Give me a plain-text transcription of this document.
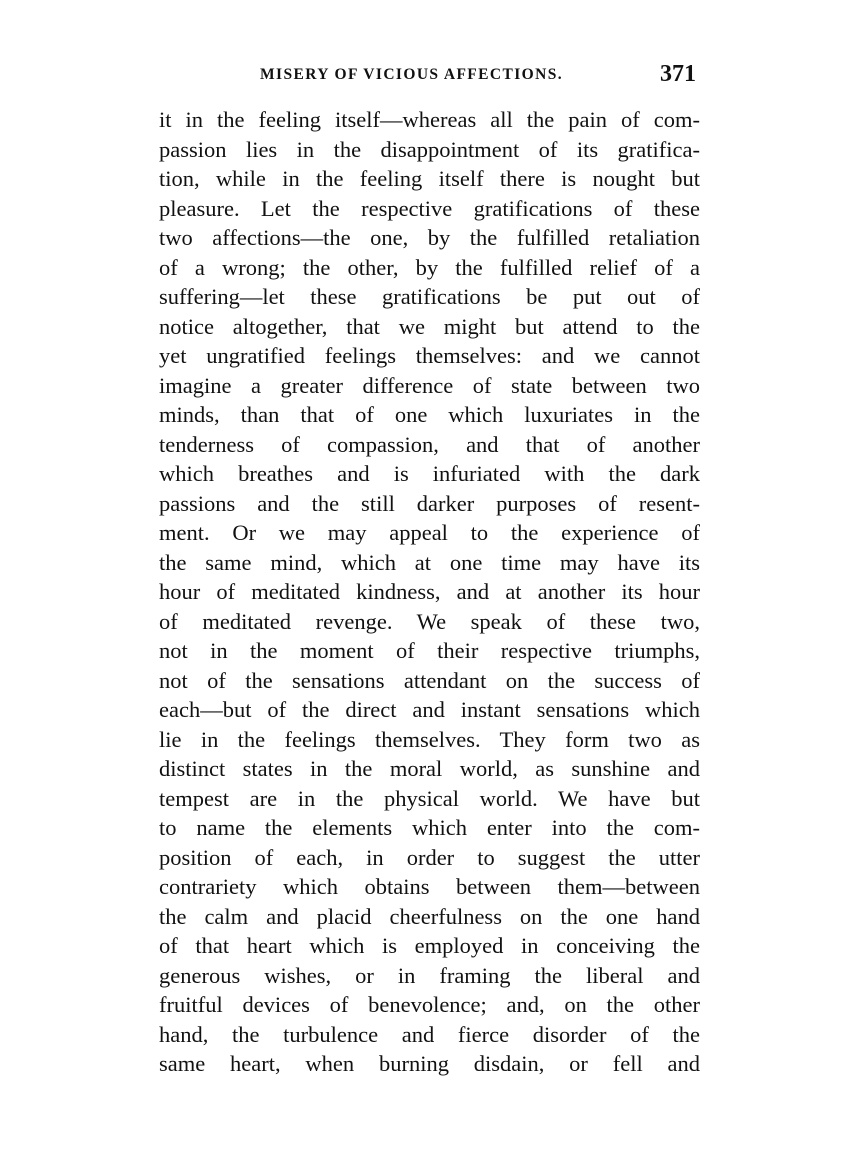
MISERY OF VICIOUS AFFECTIONS.	371
it in the feeling itself—whereas all the pain of com-
passion lies in the disappointment of its gratifica-
tion, while in the feeling itself there is nought but
pleasure. Let the respective gratifications of these
two affections—the one, by the fulfilled retaliation
of a wrong; the other, by the fulfilled relief of a
suffering—let these gratifications be put out of
notice altogether, that we might but attend to the
yet ungratified feelings themselves: and we cannot
imagine a greater difference of state between two
minds, than that of one which luxuriates in the
tenderness of compassion, and that of another
which breathes and is infuriated with the dark
passions and the still darker purposes of resent-
ment. Or we may appeal to the experience of
the same mind, which at one time may have its
hour of meditated kindness, and at another its hour
of meditated revenge. We speak of these two,
not in the moment of their respective triumphs,
not of the sensations attendant on the success of
each—but of the direct and instant sensations which
lie in the feelings themselves. They form two as
distinct states in the moral world, as sunshine and
tempest are in the physical world. We have but
to name the elements which enter into the com-
position of each, in order to suggest the utter
contrariety which obtains between them—between
the calm and placid cheerfulness on the one hand
of that heart which is employed in conceiving the
generous wishes, or in framing the liberal and
fruitful devices of benevolence; and, on the other
hand, the turbulence and fierce disorder of the
same heart, when burning disdain, or fell and
